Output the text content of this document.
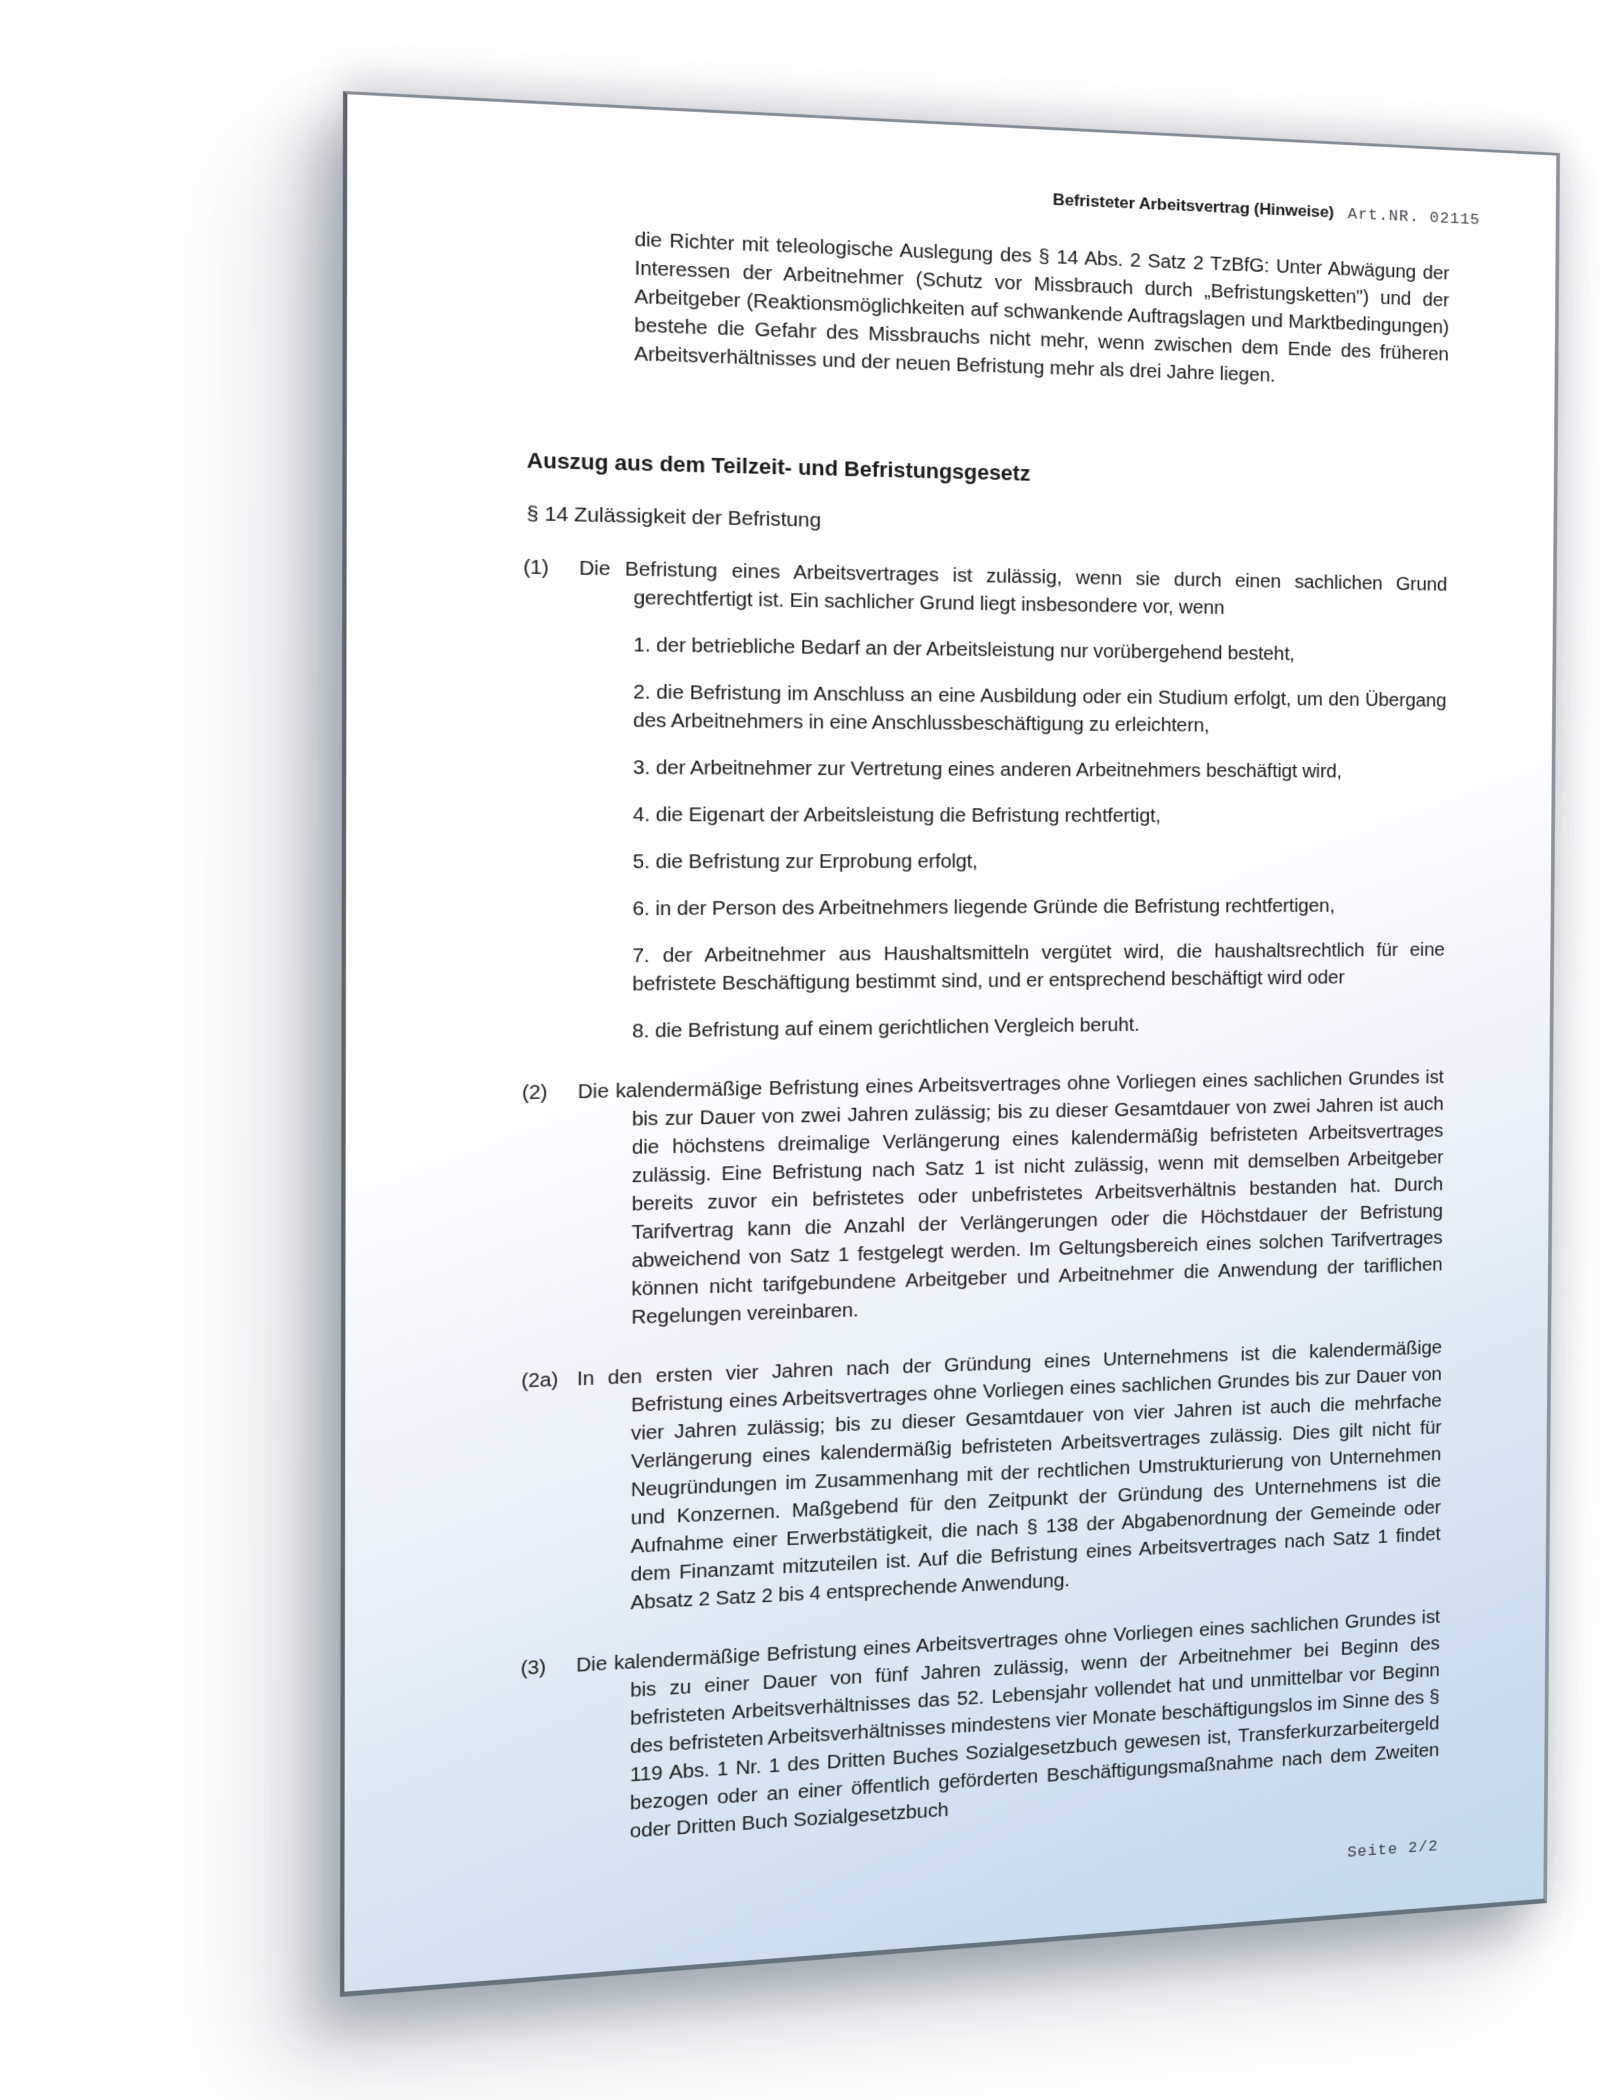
Befristeter Arbeitsvertrag (Hinweise) Art.NR. 02115

die Richter mit teleologische Auslegung des § 14 Abs. 2 Satz 2 TzBfG: Unter Abwägung der Interessen der Arbeitnehmer (Schutz vor Missbrauch durch „Befristungsketten") und der Arbeitgeber (Reaktionsmöglichkeiten auf schwankende Auftragslagen und Marktbedingungen) bestehe die Gefahr des Missbrauchs nicht mehr, wenn zwischen dem Ende des früheren Arbeitsverhältnisses und der neuen Befristung mehr als drei Jahre liegen.

Auszug aus dem Teilzeit- und Befristungsgesetz
§ 14 Zulässigkeit der Befristung

(1) Die Befristung eines Arbeitsvertrages ist zulässig, wenn sie durch einen sachlichen Grund gerechtfertigt ist. Ein sachlicher Grund liegt insbesondere vor, wenn

1. der betriebliche Bedarf an der Arbeitsleistung nur vorübergehend besteht,

2. die Befristung im Anschluss an eine Ausbildung oder ein Studium erfolgt, um den Übergang des Arbeitnehmers in eine Anschlussbeschäftigung zu erleichtern,

3. der Arbeitnehmer zur Vertretung eines anderen Arbeitnehmers beschäftigt wird,

4. die Eigenart der Arbeitsleistung die Befristung rechtfertigt,

5. die Befristung zur Erprobung erfolgt,

6. in der Person des Arbeitnehmers liegende Gründe die Befristung rechtfertigen,

7. der Arbeitnehmer aus Haushaltsmitteln vergütet wird, die haushaltsrechtlich für eine befristete Beschäftigung bestimmt sind, und er entsprechend beschäftigt wird oder

8. die Befristung auf einem gerichtlichen Vergleich beruht.

(2) Die kalendermäßige Befristung eines Arbeitsvertrages ohne Vorliegen eines sachlichen Grundes ist bis zur Dauer von zwei Jahren zulässig; bis zu dieser Gesamtdauer von zwei Jahren ist auch die höchstens dreimalige Verlängerung eines kalendermäßig befristeten Arbeitsvertrages zulässig. Eine Befristung nach Satz 1 ist nicht zulässig, wenn mit demselben Arbeitgeber bereits zuvor ein befristetes oder unbefristetes Arbeitsverhältnis bestanden hat. Durch Tarifvertrag kann die Anzahl der Verlängerungen oder die Höchstdauer der Befristung abweichend von Satz 1 festgelegt werden. Im Geltungsbereich eines solchen Tarifvertrages können nicht tarifgebundene Arbeitgeber und Arbeitnehmer die Anwendung der tariflichen Regelungen vereinbaren.

(2a) In den ersten vier Jahren nach der Gründung eines Unternehmens ist die kalendermäßige Befristung eines Arbeitsvertrages ohne Vorliegen eines sachlichen Grundes bis zur Dauer von vier Jahren zulässig; bis zu dieser Gesamtdauer von vier Jahren ist auch die mehrfache Verlängerung eines kalendermäßig befristeten Arbeitsvertrages zulässig. Dies gilt nicht für Neugründungen im Zusammenhang mit der rechtlichen Umstrukturierung von Unternehmen und Konzernen. Maßgebend für den Zeitpunkt der Gründung des Unternehmens ist die Aufnahme einer Erwerbstätigkeit, die nach § 138 der Abgabenordnung der Gemeinde oder dem Finanzamt mitzuteilen ist. Auf die Befristung eines Arbeitsvertrages nach Satz 1 findet Absatz 2 Satz 2 bis 4 entsprechende Anwendung.

(3) Die kalendermäßige Befristung eines Arbeitsvertrages ohne Vorliegen eines sachlichen Grundes ist bis zu einer Dauer von fünf Jahren zulässig, wenn der Arbeitnehmer bei Beginn des befristeten Arbeitsverhältnisses das 52. Lebensjahr vollendet hat und unmittelbar vor Beginn des befristeten Arbeitsverhältnisses mindestens vier Monate beschäftigungslos im Sinne des § 119 Abs. 1 Nr. 1 des Dritten Buches Sozialgesetzbuch gewesen ist, Transferkurzarbeitergeld bezogen oder an einer öffentlich geförderten Beschäftigungsmaßnahme nach dem Zweiten oder Dritten Buch Sozialgesetzbuch

Seite 2/2
